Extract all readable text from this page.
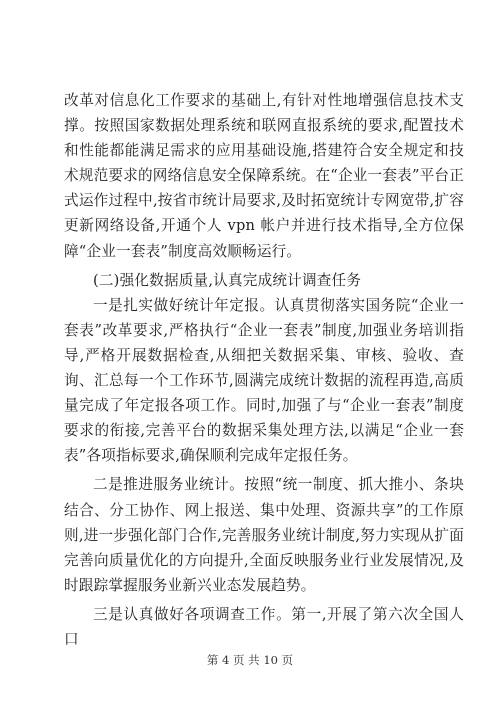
改革对信息化工作要求的基础上,有针对性地增强信息技术支撑。按照国家数据处理系统和联网直报系统的要求,配置技术和性能都能满足需求的应用基础设施,搭建符合安全规定和技术规范要求的网络信息安全保障系统。在“企业一套表”平台正式运作过程中,按省市统计局要求,及时拓宽统计专网宽带,扩容更新网络设备,开通个人 vpn 帐户并进行技术指导,全方位保障“企业一套表”制度高效顺畅运行。

(二)强化数据质量,认真完成统计调查任务

一是扎实做好统计年定报。认真贯彻落实国务院“企业一套表”改革要求,严格执行“企业一套表”制度,加强业务培训指导,严格开展数据检查,从细把关数据采集、审核、验收、查询、汇总每一个工作环节,圆满完成统计数据的流程再造,高质量完成了年定报各项工作。同时,加强了与“企业一套表”制度要求的衔接,完善平台的数据采集处理方法,以满足“企业一套表”各项指标要求,确保顺利完成年定报任务。

二是推进服务业统计。按照“统一制度、抓大推小、条块结合、分工协作、网上报送、集中处理、资源共享”的工作原则,进一步强化部门合作,完善服务业统计制度,努力实现从扩面完善向质量优化的方向提升,全面反映服务业行业发展情况,及时跟踪掌握服务业新兴业态发展趋势。

三是认真做好各项调查工作。第一,开展了第六次全国人口

第 4 页 共 10 页
